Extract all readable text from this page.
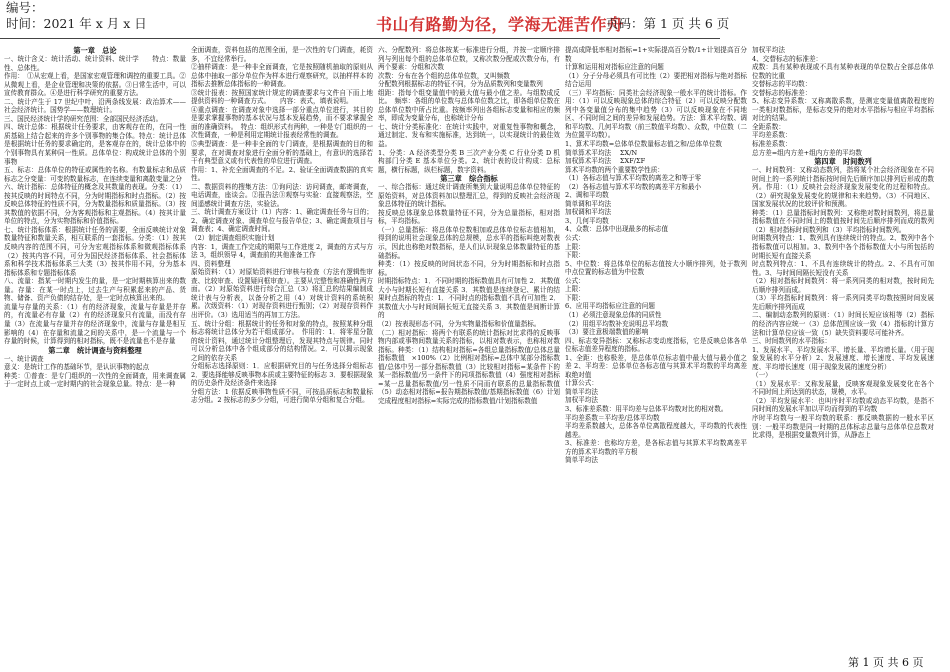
编号：
时间：2021 年 x 月 x 日	书山有路勤为径，学海无涯苦作舟
页码：第 1 页 共 6 页

第一章　总论

一、统计含义：统计活动、统计资料、统计学　　特点：数量性、总体性。

作用：　①从宏观上看，是国家宏观管理和调控的重要工具。②从微观上看，是企业管理和决策的依据。③日常生活中，可以宣传教育群众。④是进行科学研究的重要方法。

二、统计产生于 17 世纪中叶，沿两条线发展：政治算术——社会经济统计。国势学——数理统计。

三、国民经济统计学的研究范围：全部国民经济活动。

四、统计总体：根据统计任务要求，由客观存在的，在同一性质基础上结合起来的许多个别事物的集合体。特点：统计总体是根据统计任务的要求确定的，是客观存在的，统计总体中的个别事物具有某种同一性质。总体单位：构成统计总体的个别事物

五、标志：总体单位的特征或属性的名称。有数量标志和品质标志之分变量：可变的数量标志，在连续变量和离散变量之分

六、统计指标：总体特征的概念及其数量的表现。分类：（1）按其反映的时间特点不同，分为时期指标和时点指标。（2）按反映总体特征的性质不同，分为数量指标和质量指标。（3）按其数值的依据不同，分为客观指标和主观指标。（4）按其计量单位的特点，分为实物指标和价值指标。

七、统计指标体系：根据统计任务的需要，全面反映统计对象数量特征和数量关系，相互联系的一套指标。分类：（1）按其反映内容的范围不同，可分为宏观指标体系和微观指标体系（2）按其内容不同，可分为国民经济指标体系、社会指标体系和科学技术指标体系三大类（3）按其作用不同，分为基本指标体系和专题指标体系

八、流量：指某一时期内发生的量，是一定时期核算出来的数量。存量：在某一时点上，过去生产与积累起来的产品、货物、储备、资产负债的结存处，是一定时点核算出来的。

流量与存量的关系：（1）有的经济现象，流量与存量是并存的，有流量必有存量（2）有的经济现象只有流量，而没有存量（3）在流量与存量并存的经济现象中，流量与存量是相互影响的（4）在存量和流量之间的关系中，是一个流量与一个存量的时候，计算得到的相对指标，既不是流量也不是存量

第二章　统计调查与资料整理

一、统计调查

意义：是统计工作的基础环节，是认识事物的起点

种类：①普查：是专门组织的一次性的全面调查，用来调查属于一定时点上或一定时期内的社会现象总量。特点：是一种

全面调查，资料包括的范围全面，是一次性的专门调查，耗资多，不宜经常举行。

②抽样调查：是一种非全面调查，它是按照随机抽取的原则从总体中抽取一部分单位作为样本进行观察研究，以抽样样本的指标去推断总体指标的一种调查。

③统计报表：按照国家统计规定的调查要求与文件自下而上地提供资料的一种调查方式。　　内容：表式，填表说明。

④重点调查：在调查对象中选择一部分重点单位进行，其目的是要求掌握事物的基本状况与基本发展趋势，而不要求掌握全面的准确资料。　特点：组织形式有两种，一种是专门组织的一次性调查，一种是利用定期统计报表经常性的调查。

⑤典型调查：是一种非全面的专门调查，是根据调查的目的和要求，在对调查对象进行全面分析的基础上，有意识的选择若干有典型意义或有代表性的单位进行调查。

作用：1、补充全面调查的不足。2、验证全面调查数据的真实性。

二、数据资料的搜集方法：①询问法：访问调查，邮寄调查，电话调查，座谈会。②报告法③观察与实验：直接观察法，空间遥感统计调查方法，实验法。

三、统计调查方案设计（1）内容：1、确定调查任务与目的；2、确定调查对象、调查单位与报告单位；3、确定调查项目与调查表；4、确定调查时间。

（2）制定调查组织实施计划

内容：1，调查工作完成的期限与工作进度 2，调查的方式与方法 3，组织领导 4，调查前的其他准备工作

四、资料整理

原始资料：（1）对原始资料进行审核与检查（方法有逻辑性审查、比较审查、设置疑问框审查）。主要从完整性和准确性两方面。（2）对原始资料进行综合汇总（3）将汇总的结果编制成统计表与分析表，以备分析之用（4）对统计资料的系统积累。次级资料：（1）对现存资料进行甄别；（2）对现存资料作出评价。（3）选用适当的再加工方法。

五、统计分组：根据统计的任务和对象的特点，按照某种分组标志将统计总体分为若干组成部分。　作用的：1．将零星分散的统计资料，通过统计分组整理后，发现其特点与规律。同时可以分析总体中各个组成部分的结构情况。2．可以揭示现象之间的依存关系

分组标志选择原则：1．应根据研究目的与任务选择分组标志 2．要选择能够反映事物本质或主要特征的标志 3．要根据现象的历史条件及经济条件来选择

分组方法：1 依据反映事物性质不同，可按品质标志和数量标志分组。2 按标志的多少分组，可进行简单分组和复合分组。

六、分配数列：将总体按某一标准进行分组，并按一定顺序排列与列出每个组的总体单位数，又称次数分配或次数分布，有两个要素：分组和次数

次数：分布在各个组的总体单位数，又叫频数

分配数列根据标志的特征不同，分为品质数列和变量数列

组距：指每个组变量值中的最大值与最小值之差。与组数成反比。　频率：各组的单位数与总体单位数之比，即各组单位数在总体单位数中所占比重。按频率列出各组标志变量和相应的频率，即成为变量分布，也称统计分布

七、统计分类标准化：在统计实践中，对重复性事物和概念，通过制定、发布和实施标准，达到统一，以实现统计的最佳效益。

1、分类：A 经济类型分类 B 三次产业分类 C 行业分类 D 机构部门分类 E 基本单位分类。2、统计表的设计构成：总标题，横行标题，纵栏标题，数字资料。

第三章　综合指标

一、综合指标：通过统计调查所集到大量说明总体单位特征的原始资料，对总体资料加以整理汇总，得到的反映社会经济现象总体特征的统计指标。

按反映总体现象总体数量特征不同，分为总量指标，相对指标，平均指标。

（一）总量指标：将总体单位数相加或总体单位标志值相加，得到的说明社会现象总体的总规模，总水平的指标叫绝对数表示，因此也称绝对数指标，是人们认识现象总体数量特征的基础指标。

种类：（1）按反映的时间状态不同，分为时期指标和时点指标。

时期指标特点：1．不同时期的指标数值具有可加性 2．其数值大小与时期长短有直接关系 3．其数值是连续登记、累计的结果时点指标的特点：1．不同时点的指标数值不具有可加性 2．其数值大小与时间间隔长短无直接关系 3．其数值是间断计算的

（2）按表现形态不同，分为实物量指标和价值量指标。

（二）相对指标：将两个有联系的统计指标对比求得的反映事物内部或事物间数量关系的指标，以相对数表示，也称相对数指标。种类：（1）结构相对指标=各组总量指标数值/总体总量指标数值　×100%（2）比例相对指标=总体中某部分指标数值/总体中另一部分指标数值（3）比较相对指标=某条件下的某一指标数值/另一条件下的同项指标数值（4）强度相对指标=某一总量指标数值/另一性质不同而有联系的总量指标数值（5）动态相对指标=报告期指标数值/基期指标数值（6）计划完成程度相对指标=实际完成的指标数值/计划指标数值

提高成降低率相对指标=1+实际提高百分数/1+计划提高百分数

计算和运用相对指标应注意的问题

（1）分子分母必须具有可比性（2）要把相对指标与绝对指标结合运用

（三）平均指标：同类社会经济现象一般水平的统计指标。作用：（1）可以反映现象总体的综合特征（2）可以反映分配数列中各变量值分布的集中趋势（3）可以反映现象在不同地区、不同时间之间的差异和发展趋势。方法：算术平均数、调和平均数、几何平均数（前三数值平均数）、众数，中位数（二为位置平均数）。

1、算术平均数=总体单位数量标志值之和/总体单位数

简单算术平均法　 ΣX/N

加权算术平均法　 ΣXF/ΣF

算术平均数的两个重要数学性质：

（1）各标志值与算术平均数的离差之和等于零

（2）各标志值与算术平均数的离差平方和最小

2、调和平均数

简单调和平均法

加权调和平均法

3、几何平均数

4、众数：总体中出现最多的标志值

公式：

上限：

下限：

5、中位数：将总体单位的标志值按大小顺序排列，处于数列中点位置的标志值为中位数

公式：

上限：

下限：

6、应用平均指标应注意的问题

（1）必须注意现象总体的同质性

（2）用组平均数补充说明总平均数

（3）要注意极端数值的影响

四、标志变异指标：又称标志变动度指标，它是反映总体各单位标志值差异程度的指标。

1、全距：也称极差，是总体单位标志值中最大值与最小值之差 2、平均差：总体单位各标志值与其算术平均数的平均离差取绝对值

计算公式：

简单平均法

加权平均法

3、标准差系数：用平均差与总体平均数对比的相对数。

平均差系数＝平均差/总体平均数

平均差系数越大，总体各单位离散程度越大，平均数的代表性越差。

3、标准差：也称均方差，是各标志值与其算术平均数离差平方的算术平均数的平方根

简单平均法

加权平均法

4、交替标志的标准差：

成数：具有某种表现或不具有某种表现的单位数占全部总体单位数的比重

交替标志的平均数：

交替标志的标准差：

5、标志变异系数：又称离散系数，是测定变量值离散程度的一类相对数指标，是标志变异的绝对水平指标与相应平均指标对比的结果。

全距系数：

平均差系数：

标准差系数：

总方差=组内方差+组内方差的平均数

第四章　时间数列

一、时间数列：又称动态数列，指将某个社会经济现象在不同时间上的一系列统计指标按时间先后顺序加以排列后形成的数列。作用：（1）反映社会经济现象发展变化的过程和特点。（2）研究现象发展变化的规律和未来趋势。（3）不同地区、国家发展状况的比较评价和预测。

种类：（1）总量指标时间数列：又称绝对数时间数列，将总量指标数值在不同时间上的数值按时间先后顺序排列而成的数列（2）相对指标时间数列和（3）平均指标时间数列。

时期数列特点：1、数列具有连续统计的特点。2、数列中各个指标数值可以相加。3、数列中各个指标数值大小与所包括的时期长短有直接关系

时点数列特点：1、不具有连续统计的特点。2、不具有可加性。3、与时间间隔长短没有关系

（2）相对指标时间数列：将一系列同类的相对数，按时间先后顺序排列而成。

（3）平均指标时间数列：将一系列同类平均数按照时间发展先后顺序排列而成

二、编制动态数列的原则：（1）时间长短应该相等（2）指标的经济内容应统一（3）总体范围应该一致（4）指标的计算方法和计算单位应该一致（5）缺失资料要尽可能补齐。

三、时间数列的水平指标：

1、发展水平、平均发展水平、增长量、平均增长量。（用于现象发展的水平分析）2、发展速度、增长速度、平均发展速度、平均增长速度（用于现象发展的速度分析）

（一）

（1）发展水平：又称发展量，反映客观现象发展变化在各个不同时间上所达到的状态，规模，水平。

（2）平均发展水平：也叫序时平均数或动态平均数，是指不同时间的发展水平加以平均而得到的平均数

序时平均数与一般平均数的联系：都反映数据的一般水平区别：一般平均数是同一时期的总体标志总量与总体单位总数对比求得，是根据变量数列计算，从静态上

第 1 页 共 6 页
